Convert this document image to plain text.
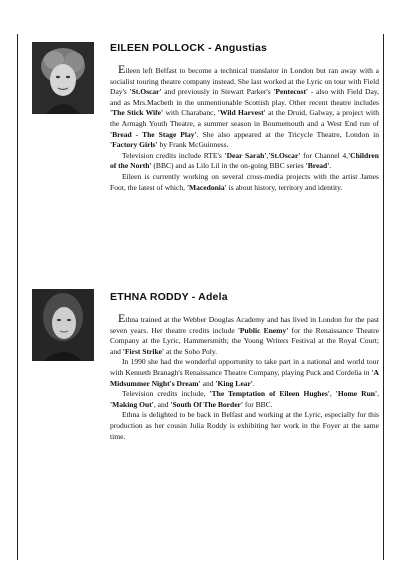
EILEEN POLLOCK - Angustias

Eileen left Belfast to become a technical translator in London but ran away with a socialist touring theatre company instead. She last worked at the Lyric on tour with Field Day's 'St.Oscar' and previously in Stewart Parker's 'Pentecost' - also with Field Day, and as Mrs.Macbeth in the unmentionable Scottish play. Other recent theatre includes 'The Stick Wife' with Charabanc, 'Wild Harvest' at the Druid, Galway, a project with the Armagh Youth Theatre, a summer season in Bournemouth and a West End run of 'Bread - The Stage Play'. She also appeared at the Tricycle Theatre, London in 'Factory Girls' by Frank McGuinness.

Television credits include RTE's 'Dear Sarah','St.Oscar' for Channel 4,'Children of the North' (BBC) and as Lilo Lil in the on-going BBC series 'Bread'.

Eileen is currently working on several cross-media projects with the artist James Foot, the latest of which, 'Macedonia' is about history, territory and identity.

ETHNA RODDY - Adela

Ethna trained at the Webber Douglas Academy and has lived in London for the past seven years. Her theatre credits include 'Public Enemy' for the Renaissance Theatre Company at the Lyric, Hammersmith; the Young Writers Festival at the Royal Court; and 'First Strike' at the Soho Poly.

In 1990 she had the wonderful opportunity to take part in a national and world tour with Kenneth Branagh's Renaissance Theatre Company, playing Puck and Cordelia in 'A Midsummer Night's Dream' and 'King Lear'.

Television credits include, 'The Temptation of Eileen Hughes', 'Home Run', 'Making Out', and 'South Of The Border' for BBC.

Ethna is delighted to be back in Belfast and working at the Lyric, especially for this production as her cousin Julia Roddy is exhibiting her work in the Foyer at the same time.
